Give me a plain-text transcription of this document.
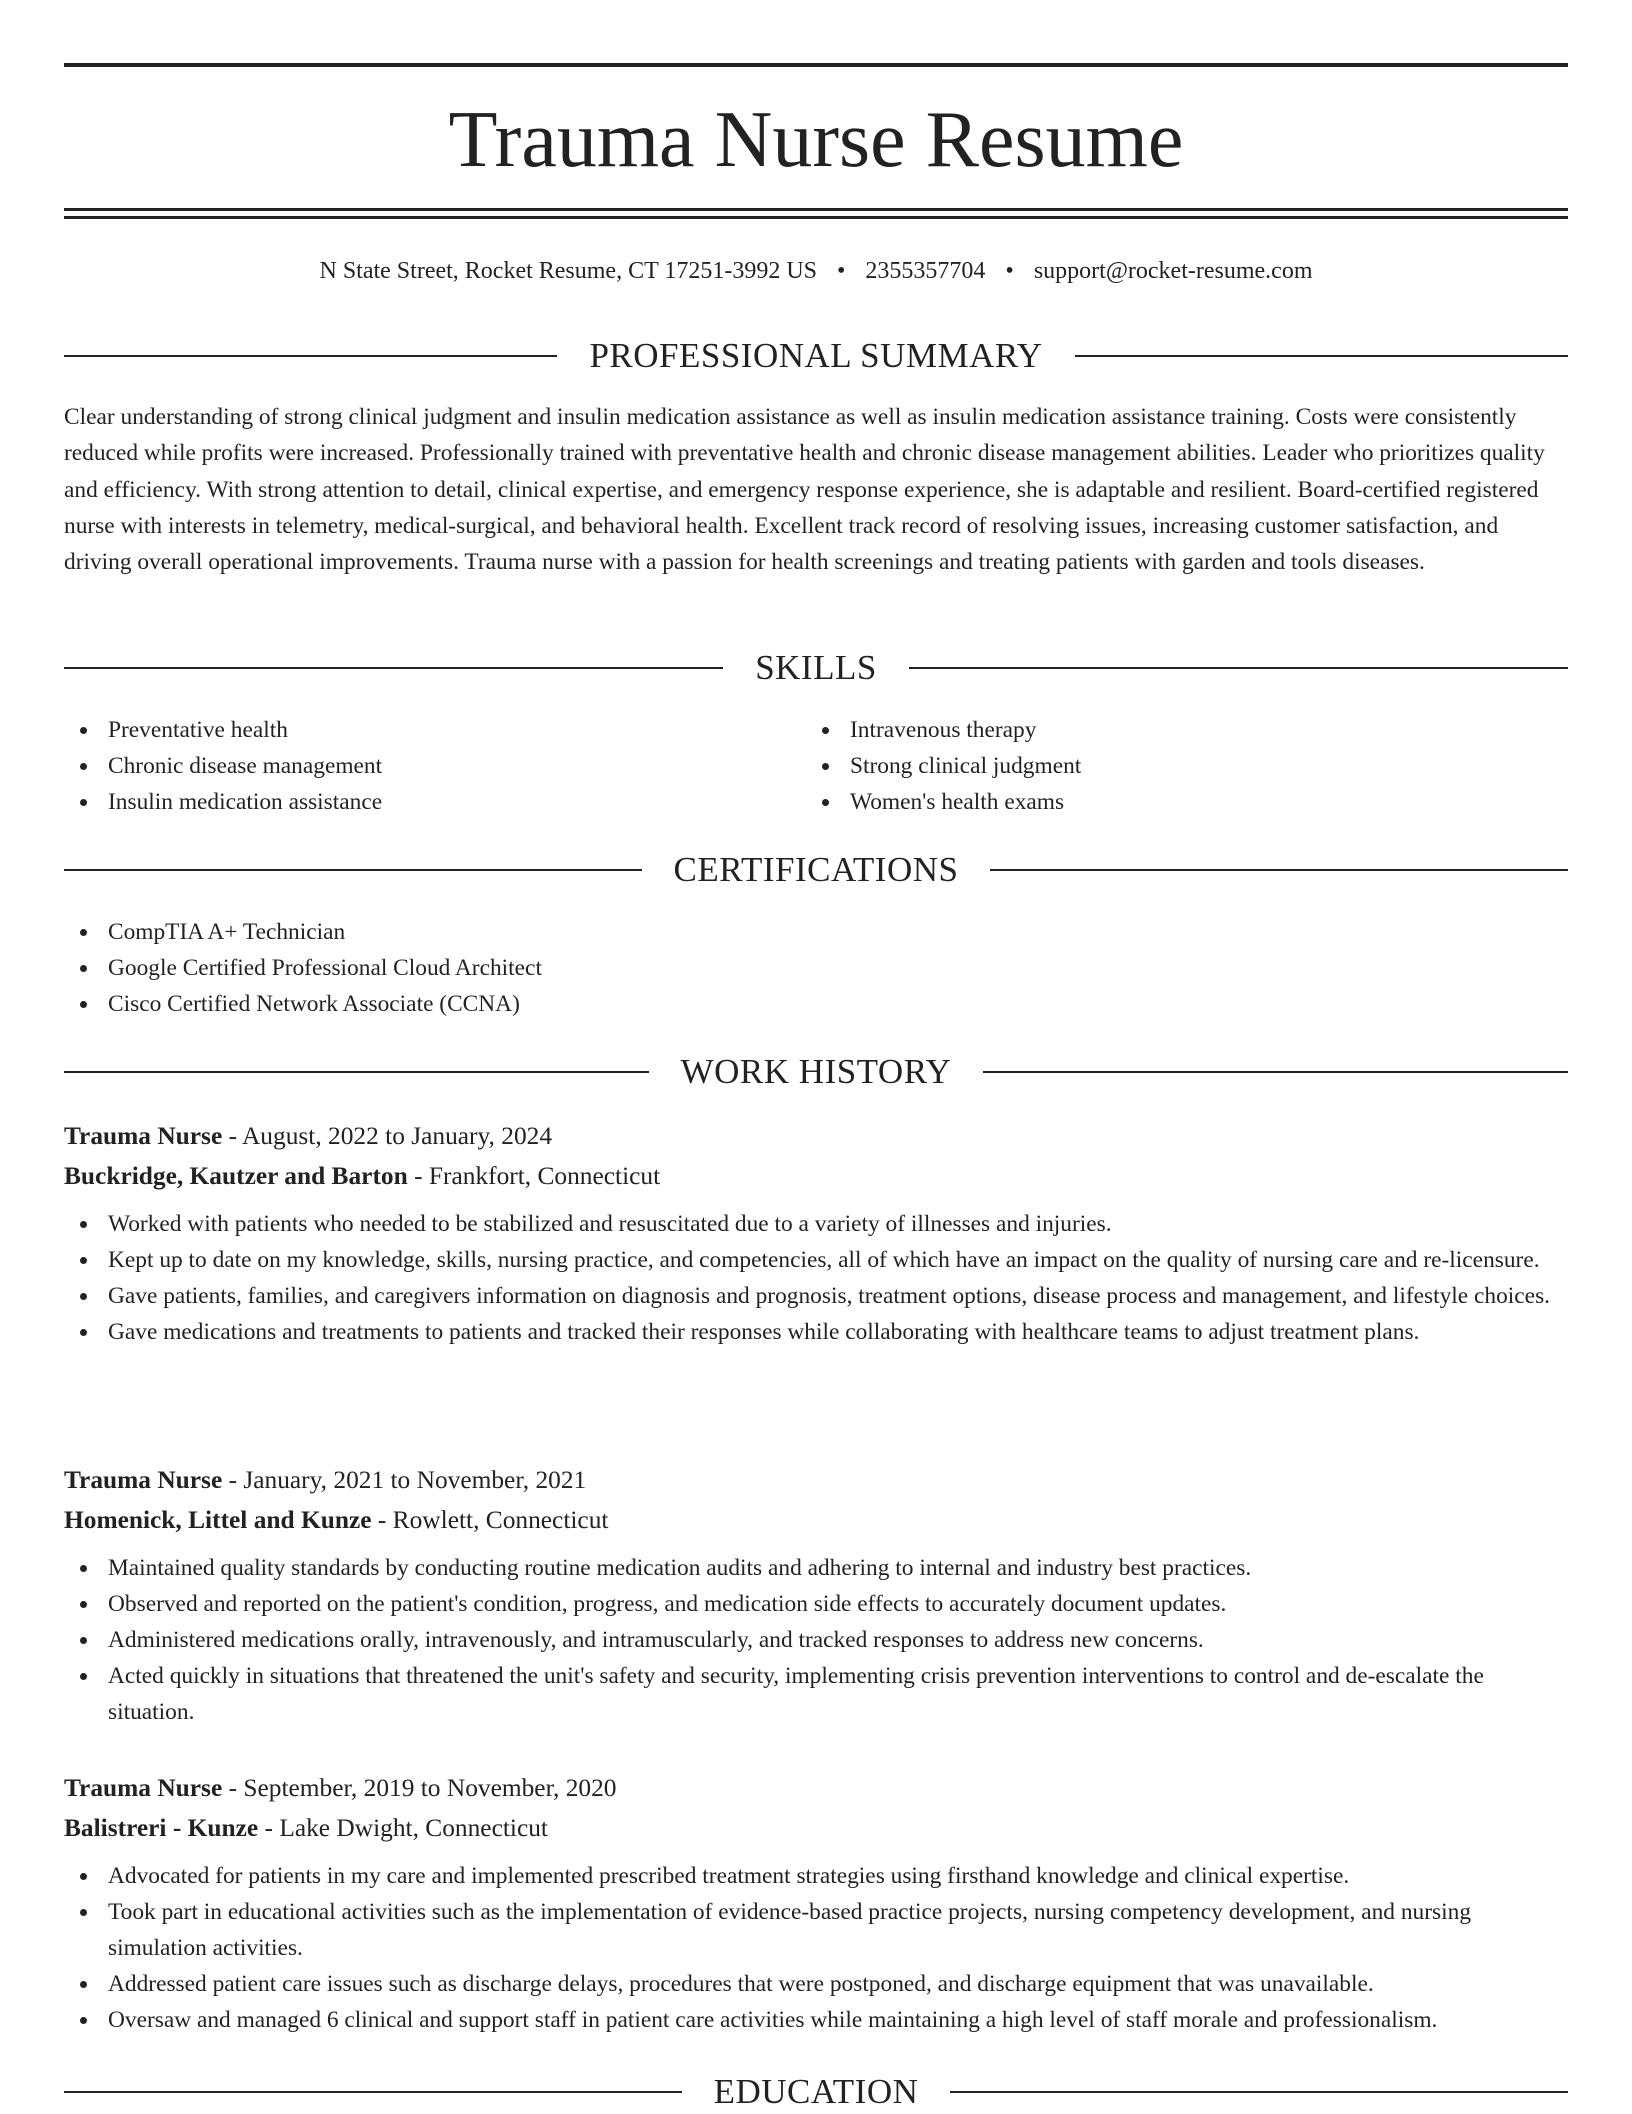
Trauma Nurse Resume
N State Street, Rocket Resume, CT 17251-3992 US • 2355357704 • support@rocket-resume.com
PROFESSIONAL SUMMARY

Clear understanding of strong clinical judgment and insulin medication assistance as well as insulin medication assistance training. Costs were consistently reduced while profits were increased. Professionally trained with preventative health and chronic disease management abilities. Leader who prioritizes quality and efficiency. With strong attention to detail, clinical expertise, and emergency response experience, she is adaptable and resilient. Board-certified registered nurse with interests in telemetry, medical-surgical, and behavioral health. Excellent track record of resolving issues, increasing customer satisfaction, and driving overall operational improvements. Trauma nurse with a passion for health screenings and treating patients with garden and tools diseases.

SKILLS
Preventative health
Chronic disease management
Insulin medication assistance
Intravenous therapy
Strong clinical judgment
Women's health exams
CERTIFICATIONS
CompTIA A+ Technician
Google Certified Professional Cloud Architect
Cisco Certified Network Associate (CCNA)
WORK HISTORY
Trauma Nurse - August, 2022 to January, 2024
Buckridge, Kautzer and Barton - Frankfort, Connecticut
Worked with patients who needed to be stabilized and resuscitated due to a variety of illnesses and injuries.
Kept up to date on my knowledge, skills, nursing practice, and competencies, all of which have an impact on the quality of nursing care and re-licensure.
Gave patients, families, and caregivers information on diagnosis and prognosis, treatment options, disease process and management, and lifestyle choices.
Gave medications and treatments to patients and tracked their responses while collaborating with healthcare teams to adjust treatment plans.
Trauma Nurse - January, 2021 to November, 2021
Homenick, Littel and Kunze - Rowlett, Connecticut
Maintained quality standards by conducting routine medication audits and adhering to internal and industry best practices.
Observed and reported on the patient's condition, progress, and medication side effects to accurately document updates.
Administered medications orally, intravenously, and intramuscularly, and tracked responses to address new concerns.
Acted quickly in situations that threatened the unit's safety and security, implementing crisis prevention interventions to control and de-escalate the situation.
Trauma Nurse - September, 2019 to November, 2020
Balistreri - Kunze - Lake Dwight, Connecticut
Advocated for patients in my care and implemented prescribed treatment strategies using firsthand knowledge and clinical expertise.
Took part in educational activities such as the implementation of evidence-based practice projects, nursing competency development, and nursing simulation activities.
Addressed patient care issues such as discharge delays, procedures that were postponed, and discharge equipment that was unavailable.
Oversaw and managed 6 clinical and support staff in patient care activities while maintaining a high level of staff morale and professionalism.
EDUCATION
